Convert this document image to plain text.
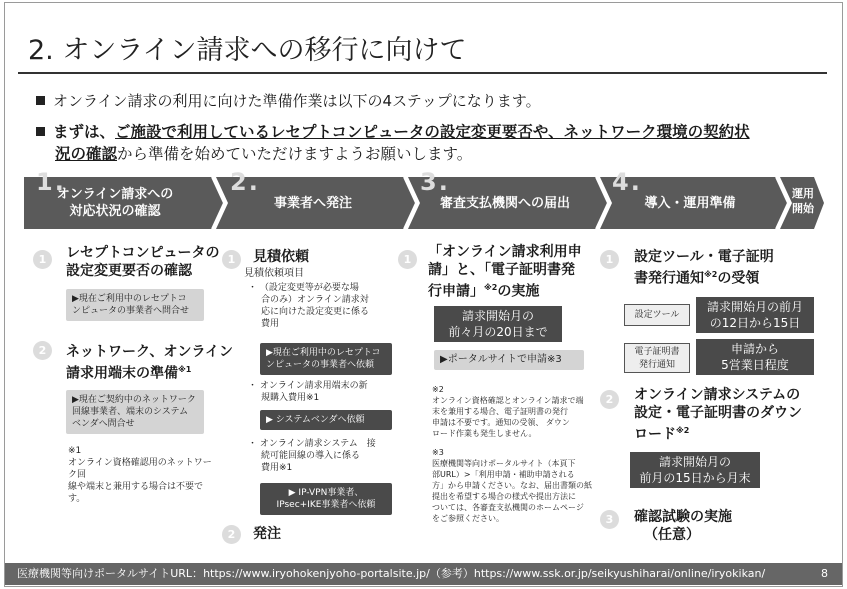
2. オンライン請求への移行に向けて
オンライン請求の利用に向けた準備作業は以下の4ステップになります。
まずは、ご施設で利用しているレセプトコンピュータの設定変更要否や、ネットワーク環境の契約状
況の確認から準備を始めていただけますようお願いします。
1.	2.	3.	4.
オンライン請求への
対応状況の確認
事業者へ発注	審査支払機関への届出	導入・運用準備
運用
開始
1	レセプトコンピュータの
設定変更要否の確認
▶現在ご利用中のレセプトコ
ンピュータの事業者へ問合せ
2	ネットワーク、オンライン
請求用端末の準備$^{※1}$
▶現在ご契約中のネットワーク
回線事業者、端末のシステム
ベンダへ問合せ
※1
オンライン資格確認用のネットワーク回
線や端末と兼用する場合は不要です。
1	見積依頼
見積依頼項目
・ （設定変更等が必要な場
合のみ）オンライン請求対
応に向けた設定変更に係る
費用
▶現在ご利用中のレセプトコ
ンピュータの事業者へ依頼
・ オンライン請求用端末の新
規購入費用※1
▶ システムベンダへ依頼
・ オンライン請求システム　接
続可能回線の導入に係る
費用※1
▶ IP-VPN事業者、
IPsec+IKE事業者へ依頼
2	発注
1	「オンライン請求利用申
請」と、「電子証明書発
行申請」$^{※2}$の実施
請求開始月の
前々月の20日まで
▶ポータルサイトで申請※3
※2
オンライン資格確認とオンライン請求で端
末を兼用する場合、電子証明書の発行
申請は不要です。通知の受領、 ダウン
ロード作業も発生しません。
※3
医療機関等向けポータルサイト（本頁下
部URL）>「利用申請・補助申請される
方」から申請ください。なお、届出書類の紙
提出を希望する場合の様式や提出方法に
ついては、各審査支払機関のホームページ
をご参照ください。
1	設定ツール・電子証明
書発行通知$^{※2}$の受領
設定ツール
請求開始月の前月
の12日から15日
電子証明書
発行通知
申請から
5営業日程度
2	オンライン請求システムの
設定・電子証明書のダウン
ロード$^{※2}$
請求開始月の
前月の15日から月末
3	確認試験の実施
（任意）
医療機関等向けポータルサイトURL：https://www.iryohokenjyoho-portalsite.jp/（参考）https://www.ssk.or.jp/seikyushiharai/online/iryokikan/	8
